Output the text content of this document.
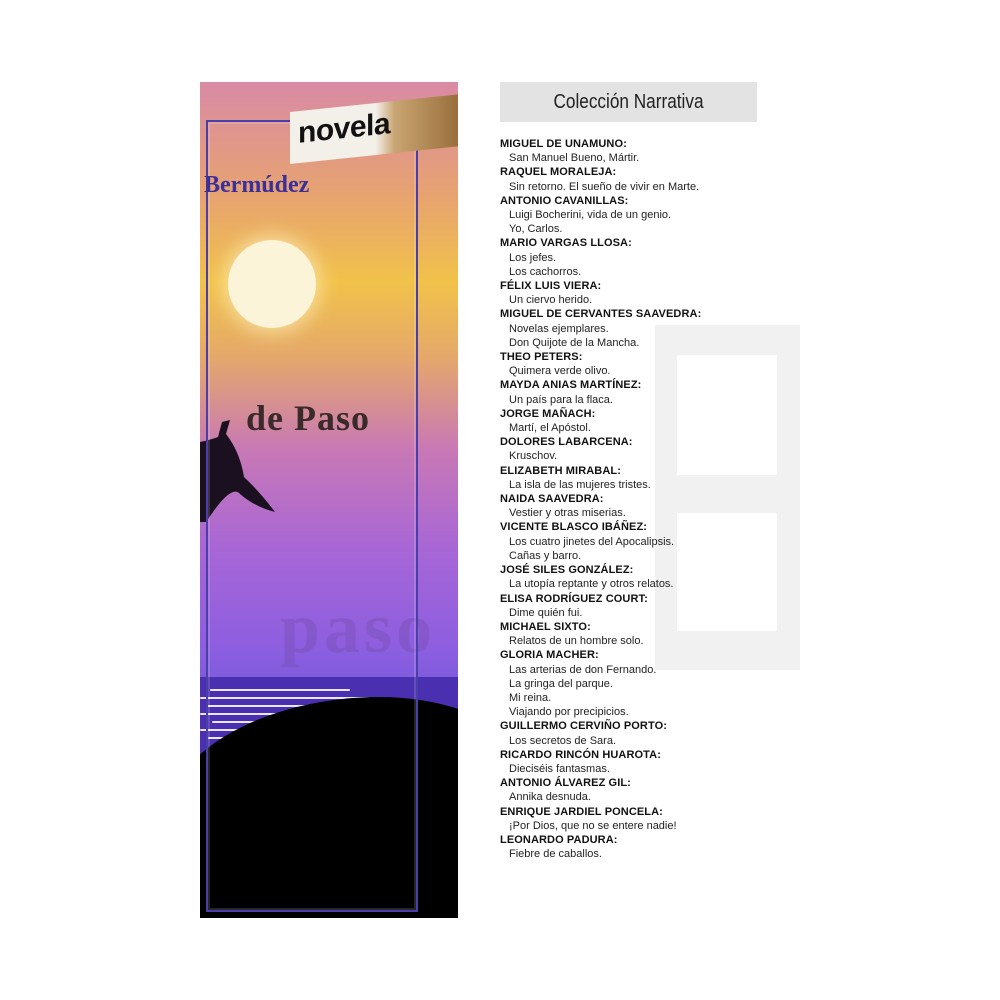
paso
novela
Bermúdez
de Paso
Colección Narrativa
MIGUEL DE UNAMUNO:
San Manuel Bueno, Mártir.
RAQUEL MORALEJA:
Sin retorno. El sueño de vivir en Marte.
ANTONIO CAVANILLAS:
Luigi Bocherini, vida de un genio.
Yo, Carlos.
MARIO VARGAS LLOSA:
Los jefes.
Los cachorros.
FÉLIX LUIS VIERA:
Un ciervo herido.
MIGUEL DE CERVANTES SAAVEDRA:
Novelas ejemplares.
Don Quijote de la Mancha.
THEO PETERS:
Quimera verde olivo.
MAYDA ANIAS MARTÍNEZ:
Un país para la flaca.
JORGE MAÑACH:
Martí, el Apóstol.
DOLORES LABARCENA:
Kruschov.
ELIZABETH MIRABAL:
La isla de las mujeres tristes.
NAIDA SAAVEDRA:
Vestier y otras miserias.
VICENTE BLASCO IBÁÑEZ:
Los cuatro jinetes del Apocalipsis.
Cañas y barro.
JOSÉ SILES GONZÁLEZ:
La utopía reptante y otros relatos.
ELISA RODRÍGUEZ COURT:
Dime quién fui.
MICHAEL SIXTO:
Relatos de un hombre solo.
GLORIA MACHER:
Las arterias de don Fernando.
La gringa del parque.
Mi reina.
Viajando por precipicios.
GUILLERMO CERVIÑO PORTO:
Los secretos de Sara.
RICARDO RINCÓN HUAROTA:
Dieciséis fantasmas.
ANTONIO ÁLVAREZ GIL:
Annika desnuda.
ENRIQUE JARDIEL PONCELA:
¡Por Dios, que no se entere nadie!
LEONARDO PADURA:
Fiebre de caballos.
